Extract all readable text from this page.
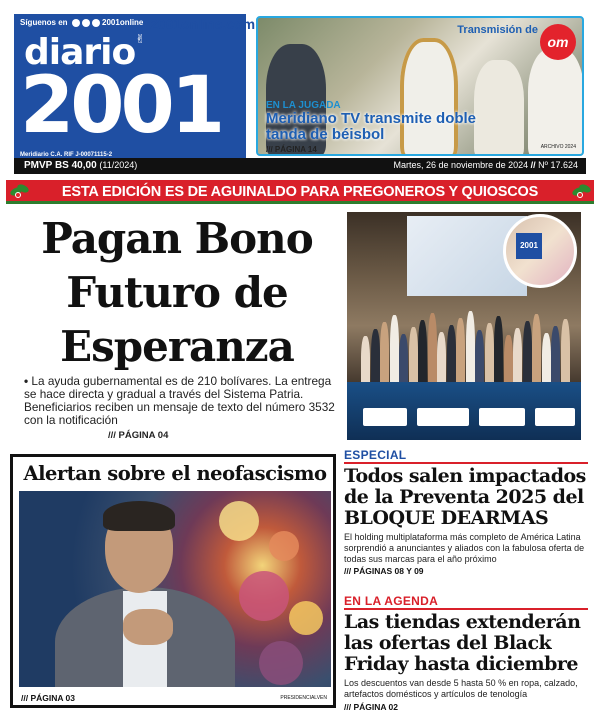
Síguenos en	2001online
diario✌
2001
Meridiario C.A. RIF J-00071115-2
2001online.com	Transmisión de
om
EN LA JUGADA
Meridiano TV transmite doble tanda de béisbol
/// PÁGINA 14	ARCHIVO 2024
PMVP BS 40,00 (11/2024)	Martes, 26 de noviembre de 2024 // Nº 17.624
ESTA EDICIÓN ES DE AGUINALDO PARA PREGONEROS Y QUIOSCOS
Pagan Bono
Futuro de
Esperanza
• La ayuda gubernamental es de 210 bolívares. La entrega se hace directa y gradual a través del Sistema Patria. Beneficiarios reciben un mensaje de texto del número 3532 con la notificación
/// PÁGINA 04
2001
Alertan sobre el neofascismo
/// PÁGINA 03	PRESIDENCIALVEN
ESPECIAL
Todos salen impactados de la Preventa 2025 del BLOQUE DEARMAS
El holding multiplataforma más completo de América Latina sorprendió a anunciantes y aliados con la fabulosa oferta de todas sus marcas para el año próximo
/// PÁGINAS 08 Y 09
EN LA AGENDA
Las tiendas extenderán las ofertas del Black Friday hasta diciembre
Los descuentos van desde 5 hasta 50 % en ropa, calzado, artefactos domésticos y artículos de tenología
/// PÁGINA 02
